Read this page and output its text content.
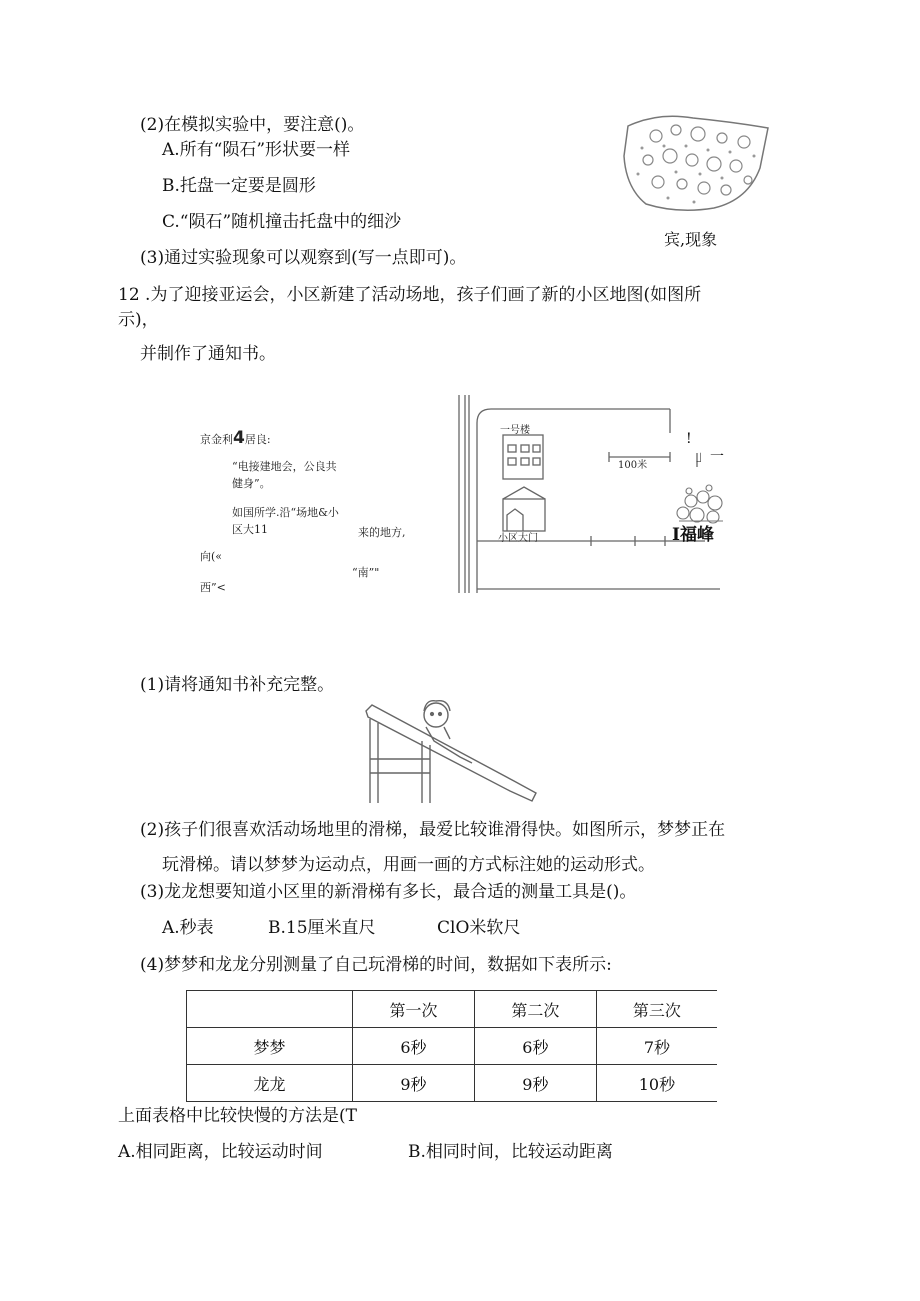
(2)在模拟实验中，要注意()。
A.所有“陨石”形状要一样
B.托盘一定要是圆形
C.“陨石”随机撞击托盘中的细沙
(3)通过实验现象可以观察到(写一点即可)。
宾,现象
12 .为了迎接亚运会，小区新建了活动场地，孩子们画了新的小区地图(如图所
示)，
并制作了通知书。
京金利4居良:
“电接建地会，公良共
健身”。
如国所学.沿“场地&小
区大11	来的地方,
向(«
“南”"
西”<
一号楼
100米
小区大门
!
」一
I福峰
(1)请将通知书补充完整。
(2)孩子们很喜欢活动场地里的滑梯，最爱比较谁滑得快。如图所示，梦梦正在
玩滑梯。请以梦梦为运动点，用画一画的方式标注她的运动形式。
(3)龙龙想要知道小区里的新滑梯有多长，最合适的测量工具是()。
A.秒表	B.15厘米直尺	ClO米软尺
(4)梦梦和龙龙分别测量了自己玩滑梯的时间，数据如下表所示:
	第一次	第二次	第三次
梦梦	6秒	6秒	7秒
龙龙	9秒	9秒	10秒
上面表格中比较快慢的方法是(T
A.相同距离，比较运动时间	B.相同时间，比较运动距离
